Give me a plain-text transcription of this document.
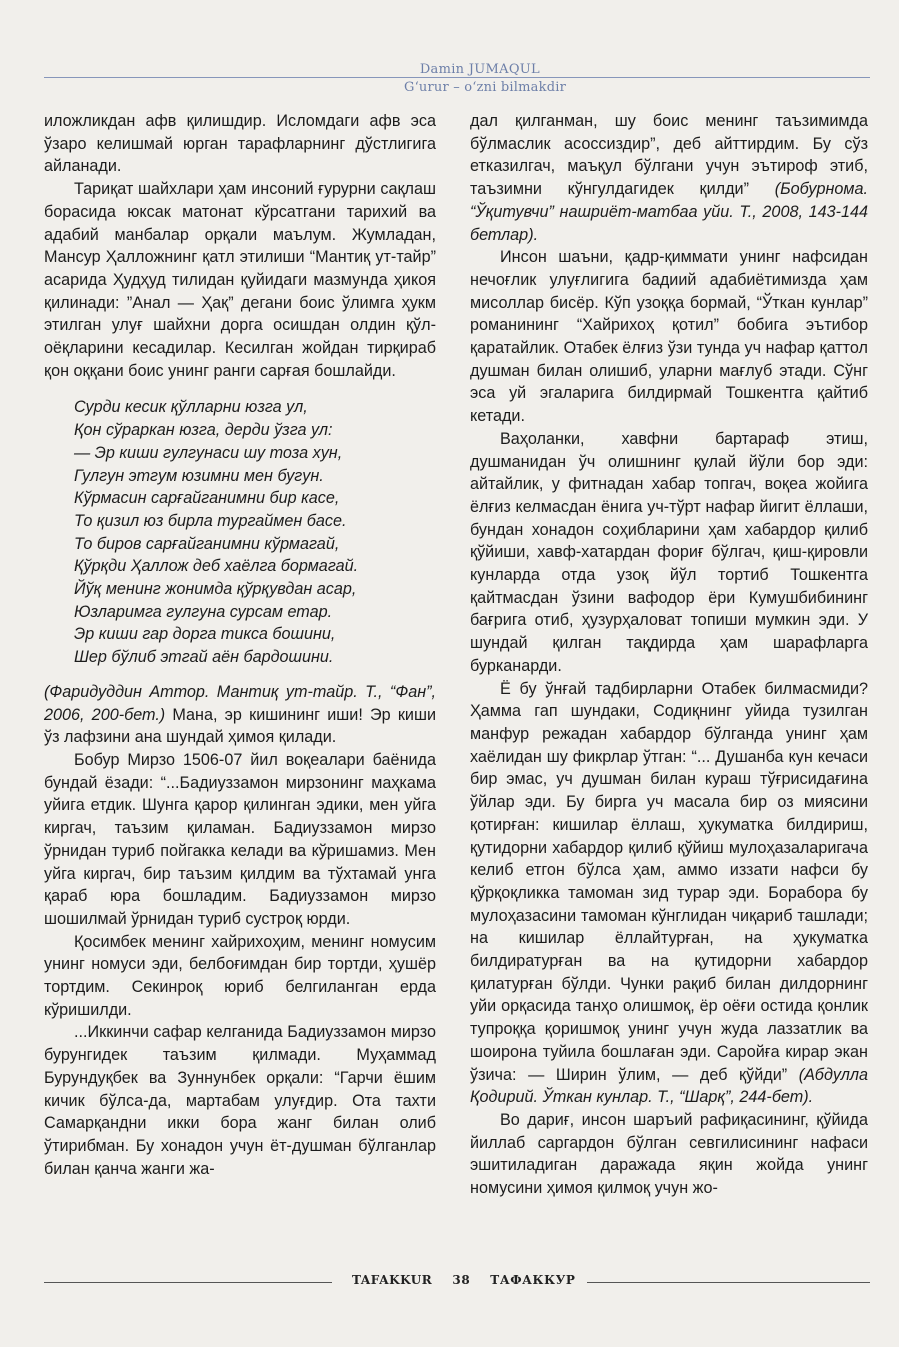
Damin JUMAQUL
G‘urur – o‘zni bilmakdir

иложликдан афв қилишдир. Исломдаги афв эса ўзаро келишмай юрган тарафларнинг дўстлигига айланади.

Тариқат шайхлари ҳам инсоний ғурурни сақлаш борасида юксак матонат кўрсатгани тарихий ва адабий манбалар орқали маълум. Жумладан, Мансур Ҳалложнинг қатл этилиши “Мантиқ ут-тайр” асарида Ҳудҳуд тилидан қуйидаги мазмунда ҳикоя қилинади: ”Анал — Ҳақ” дегани боис ўлимга ҳукм этилган улуғ шайхни дорга осишдан олдин қўл-оёқларини кесадилар. Кесилган жойдан тирқираб қон оққани боис унинг ранги сарғая бошлайди.

Сурди кесик қўлларни юзга ул,
Қон сўраркан юзга, дерди ўзга ул:
— Эр киши гулгунаси шу тоза хун,
Гулгун этгум юзимни мен бугун.
Кўрмасин сарғайганимни бир касе,
То қизил юз бирла тургаймен басе.
То биров сарғайганимни кўрмагай,
Қўрқди Ҳаллож деб хаёлга бормагай.
Йўқ менинг жонимда қўрқувдан асар,
Юзларимга гулгуна сурсам етар.
Эр киши гар дорга тикса бошини,
Шер бўлиб этгай аён бардошини.

(Фаридуддин Аттор. Мантиқ ут-тайр. Т., “Фан”, 2006, 200-бет.) Мана, эр кишининг иши! Эр киши ўз лафзини ана шундай ҳимоя қилади.

Бобур Мирзо 1506-07 йил воқеалари баёнида бундай ёзади: “...Бадиуззамон мирзонинг маҳкама уйига етдик. Шунга қарор қилинган эдики, мен уйга киргач, таъзим қиламан. Бадиуззамон мирзо ўрнидан туриб пойгакка келади ва кўришамиз. Мен уйга киргач, бир таъзим қилдим ва тўхтамай унга қараб юра бошладим. Бадиуззамон мирзо шошилмай ўрнидан туриб сустроқ юрди.

Қосимбек менинг хайрихоҳим, менинг номусим унинг номуси эди, белбоғимдан бир тортди, ҳушёр тортдим. Секинроқ юриб белгиланган ерда кўришилди.

...Иккинчи сафар келганида Бадиуззамон мирзо бурунгидек таъзим қилмади. Муҳаммад Бурундуқбек ва Зуннунбек орқали: “Гарчи ёшим кичик бўлса-да, мартабам улуғдир. Ота тахти Самарқандни икки бора жанг билан олиб ўтирибман. Бу хонадон учун ёт-душман бўлганлар билан қанча жанги жа-

дал қилганман, шу боис менинг таъзимимда бўлмаслик асоссиздир”, деб айттирдим. Бу сўз етказилгач, маъқул бўлгани учун эътироф этиб, таъзимни кўнгулдагидек қилди” (Бобурнома. “Ўқитувчи” нашриёт-матбаа уйи. Т., 2008, 143-144 бетлар).

Инсон шаъни, қадр-қиммати унинг нафсидан нечоғлик улуғлигига бадиий адабиётимизда ҳам мисоллар бисёр. Кўп узоққа бормай, “Ўткан кунлар” романининг “Хайрихоҳ қотил” бобига эътибор қаратайлик. Отабек ёлғиз ўзи тунда уч нафар қаттол душман билан олишиб, уларни мағлуб этади. Сўнг эса уй эгаларига билдирмай Тошкентга қайтиб кетади.

Ваҳоланки, хавфни бартараф этиш, душманидан ўч олишнинг қулай йўли бор эди: айтайлик, у фитнадан хабар топгач, воқеа жойига ёлғиз келмасдан ёнига уч-тўрт нафар йигит ёллаши, бундан хонадон соҳибларини ҳам хабардор қилиб қўйиши, хавф-хатардан фориғ бўлгач, қиш-қировли кунларда отда узоқ йўл тортиб Тошкентга қайтмасдан ўзини вафодор ёри Кумушбибининг бағрига отиб, ҳузурҳаловат топиши мумкин эди. У шундай қилган тақдирда ҳам шарафларга бурканарди.

Ё бу ўнғай тадбирларни Отабек билмасмиди? Ҳамма гап шундаки, Содиқнинг уйида тузилган манфур режадан хабардор бўлганда унинг ҳам хаёлидан шу фикрлар ўтган: “... Душанба кун кечаси бир эмас, уч душман билан кураш тўғрисидағина ўйлар эди. Бу бирга уч масала бир оз миясини қотирған: кишилар ёллаш, ҳукуматка билдириш, қутидорни хабардор қилиб қўйиш мулоҳазаларигача келиб етгон бўлса ҳам, аммо иззати нафси бу қўрқоқликка тамоман зид турар эди. Борабора бу мулоҳазасини тамоман кўнглидан чиқариб ташлади; на кишилар ёллайтурған, на ҳукуматка билдиратурған ва на қутидорни хабардор қилатурған бўлди. Чунки рақиб билан дилдорнинг уйи орқасида танҳо олишмоқ, ёр оёғи остида қонлик тупроққа қоришмоқ унинг учун жуда лаззатлик ва шоирона туйила бошлаған эди. Саройға кирар экан ўзича: — Ширин ўлим, — деб қўйди” (Абдулла Қодирий. Ўткан кунлар. Т., “Шарқ”, 244-бет).

Во дариғ, инсон шаръий рафиқасининг, қўйида йиллаб саргардон бўлган севгилисининг нафаси эшитиладиган даражада яқин жойда унинг номусини ҳимоя қилмоқ учун жо-

TAFAKKUR 38 ТАФАККУР
